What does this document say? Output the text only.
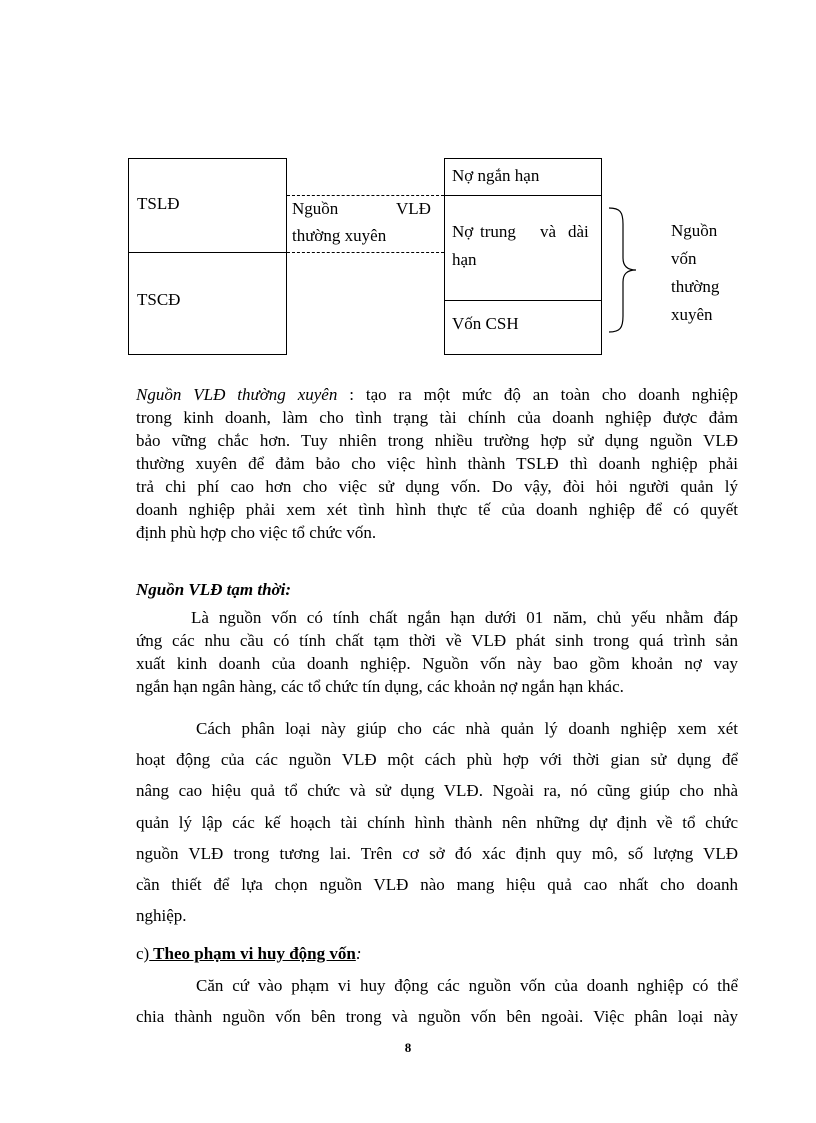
TSLĐ
TSCĐ
Nguồn	VLĐ
thường xuyên
Nợ ngắn hạn
Nợ trung và dài
hạn
Vốn CSH
Nguồn
vốn
thường
xuyên

Nguồn VLĐ thường xuyên : tạo ra một mức độ an toàn cho doanh nghiệp

trong kinh doanh, làm cho tình trạng tài chính của doanh nghiệp được đảm

bảo vững chắc hơn. Tuy nhiên trong nhiều trường hợp sử dụng nguồn VLĐ

thường xuyên để đảm bảo cho việc hình thành TSLĐ thì doanh nghiệp phải

trả chi phí cao hơn cho việc sử dụng vốn. Do vậy, đòi hỏi người quản lý

doanh nghiệp phải xem xét tình hình thực tế của doanh nghiệp để có quyết

định phù hợp cho việc tổ chức vốn.

Nguồn VLĐ tạm thời:

Là nguồn vốn có tính chất ngắn hạn dưới 01 năm, chủ yếu nhằm đáp

ứng các nhu cầu có tính chất tạm thời về VLĐ phát sinh trong quá trình sản

xuất kinh doanh của doanh nghiệp. Nguồn vốn này bao gồm khoản nợ vay

ngắn hạn ngân hàng, các tổ chức tín dụng, các khoản nợ ngắn hạn khác.

Cách phân loại này giúp cho các nhà quản lý doanh nghiệp xem xét

hoạt động của các nguồn VLĐ một cách phù hợp với thời gian sử dụng để

nâng cao hiệu quả tổ chức và sử dụng VLĐ. Ngoài ra, nó cũng giúp cho nhà

quản lý lập các kế hoạch tài chính hình thành nên những dự định về tổ chức

nguồn VLĐ trong tương lai. Trên cơ sở đó xác định quy mô, số lượng VLĐ

cần thiết để lựa chọn nguồn VLĐ nào mang hiệu quả cao nhất cho doanh

nghiệp.

c) Theo phạm vi huy động vốn:

Căn cứ vào phạm vi huy động các nguồn vốn của doanh nghiệp có thể

chia thành nguồn vốn bên trong và nguồn vốn bên ngoài. Việc phân loại này

8
